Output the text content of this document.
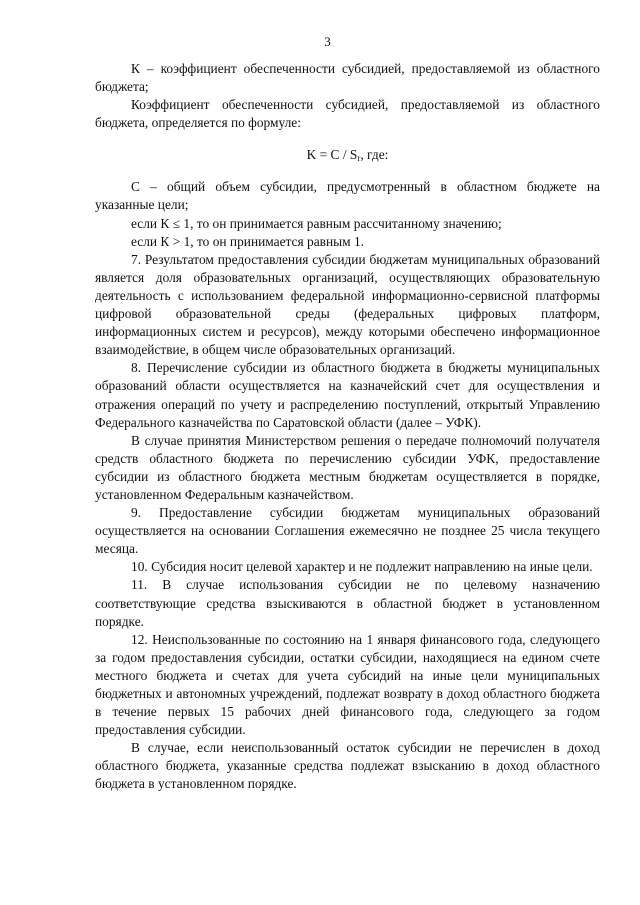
3

К – коэффициент обеспеченности субсидией, предоставляемой из областного бюджета;

Коэффициент обеспеченности субсидией, предоставляемой из областного бюджета, определяется по формуле:

$K = C / S_r$, где:

С – общий объем субсидии, предусмотренный в областном бюджете на указанные цели;

если К ≤ 1, то он принимается равным рассчитанному значению;

если К > 1, то он принимается равным 1.

7. Результатом предоставления субсидии бюджетам муниципальных образований является доля образовательных организаций, осуществляющих образовательную деятельность с использованием федеральной информационно-сервисной платформы цифровой образовательной среды (федеральных цифровых платформ, информационных систем и ресурсов), между которыми обеспечено информационное взаимодействие, в общем числе образовательных организаций.

8. Перечисление субсидии из областного бюджета в бюджеты муниципальных образований области осуществляется на казначейский счет для осуществления и отражения операций по учету и распределению поступлений, открытый Управлению Федерального казначейства по Саратовской области (далее – УФК).

В случае принятия Министерством решения о передаче полномочий получателя средств областного бюджета по перечислению субсидии УФК, предоставление субсидии из областного бюджета местным бюджетам осуществляется в порядке, установленном Федеральным казначейством.

9. Предоставление субсидии бюджетам муниципальных образований осуществляется на основании Соглашения ежемесячно не позднее 25 числа текущего месяца.

10. Субсидия носит целевой характер и не подлежит направлению на иные цели.

11. В случае использования субсидии не по целевому назначению соответствующие средства взыскиваются в областной бюджет в установленном порядке.

12. Неиспользованные по состоянию на 1 января финансового года, следующего за годом предоставления субсидии, остатки субсидии, находящиеся на едином счете местного бюджета и счетах для учета субсидий на иные цели муниципальных бюджетных и автономных учреждений, подлежат возврату в доход областного бюджета в течение первых 15 рабочих дней финансового года, следующего за годом предоставления субсидии.

В случае, если неиспользованный остаток субсидии не перечислен в доход областного бюджета, указанные средства подлежат взысканию в доход областного бюджета в установленном порядке.
